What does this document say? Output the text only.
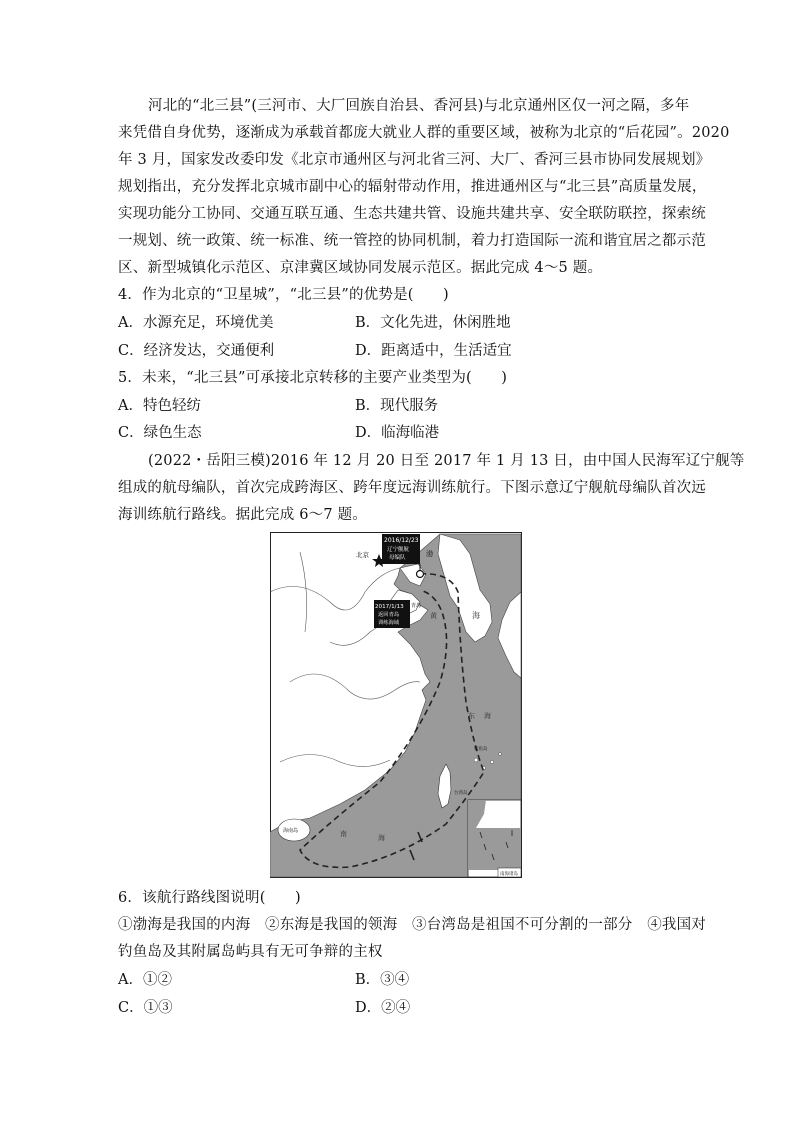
河北的“北三县”(三河市、大厂回族自治县、香河县)与北京通州区仅一河之隔，多年
来凭借自身优势，逐渐成为承载首都庞大就业人群的重要区域，被称为北京的“后花园”。2020
年 3 月，国家发改委印发《北京市通州区与河北省三河、大厂、香河三县市协同发展规划》
规划指出，充分发挥北京城市副中心的辐射带动作用，推进通州区与“北三县”高质量发展，
实现功能分工协同、交通互联互通、生态共建共管、设施共建共享、安全联防联控，探索统
一规划、统一政策、统一标准、统一管控的协同机制，着力打造国际一流和谐宜居之都示范
区、新型城镇化示范区、京津冀区域协同发展示范区。据此完成 4～5 题。
4．作为北京的“卫星城”，“北三县”的优势是(　　)
A．水源充足，环境优美	B．文化先进，休闲胜地
C．经济发达，交通便利	D．距离适中，生活适宜
5．未来，“北三县”可承接北京转移的主要产业类型为(　　)
A．特色轻纺	B．现代服务
C．绿色生态	D．临海临港
(2022・岳阳三模)2016 年 12 月 20 日至 2017 年 1 月 13 日，由中国人民海军辽宁舰等
组成的航母编队，首次完成跨海区、跨年度远海训练航行。下图示意辽宁舰航母编队首次远
海训练航行路线。据此完成 6～7 题。
北京
2016/12/23
辽宁舰航
母编队
2017/1/13
返回青岛
训练海域
青岛
渤
黄	海
东 海
南	海
海南岛
台湾岛
钓鱼岛
南海诸岛
6．该航行路线图说明(　　)
①渤海是我国的内海　②东海是我国的领海　③台湾岛是祖国不可分割的一部分　④我国对
钓鱼岛及其附属岛屿具有无可争辩的主权
A．①②	B．③④
C．①③	D．②④
